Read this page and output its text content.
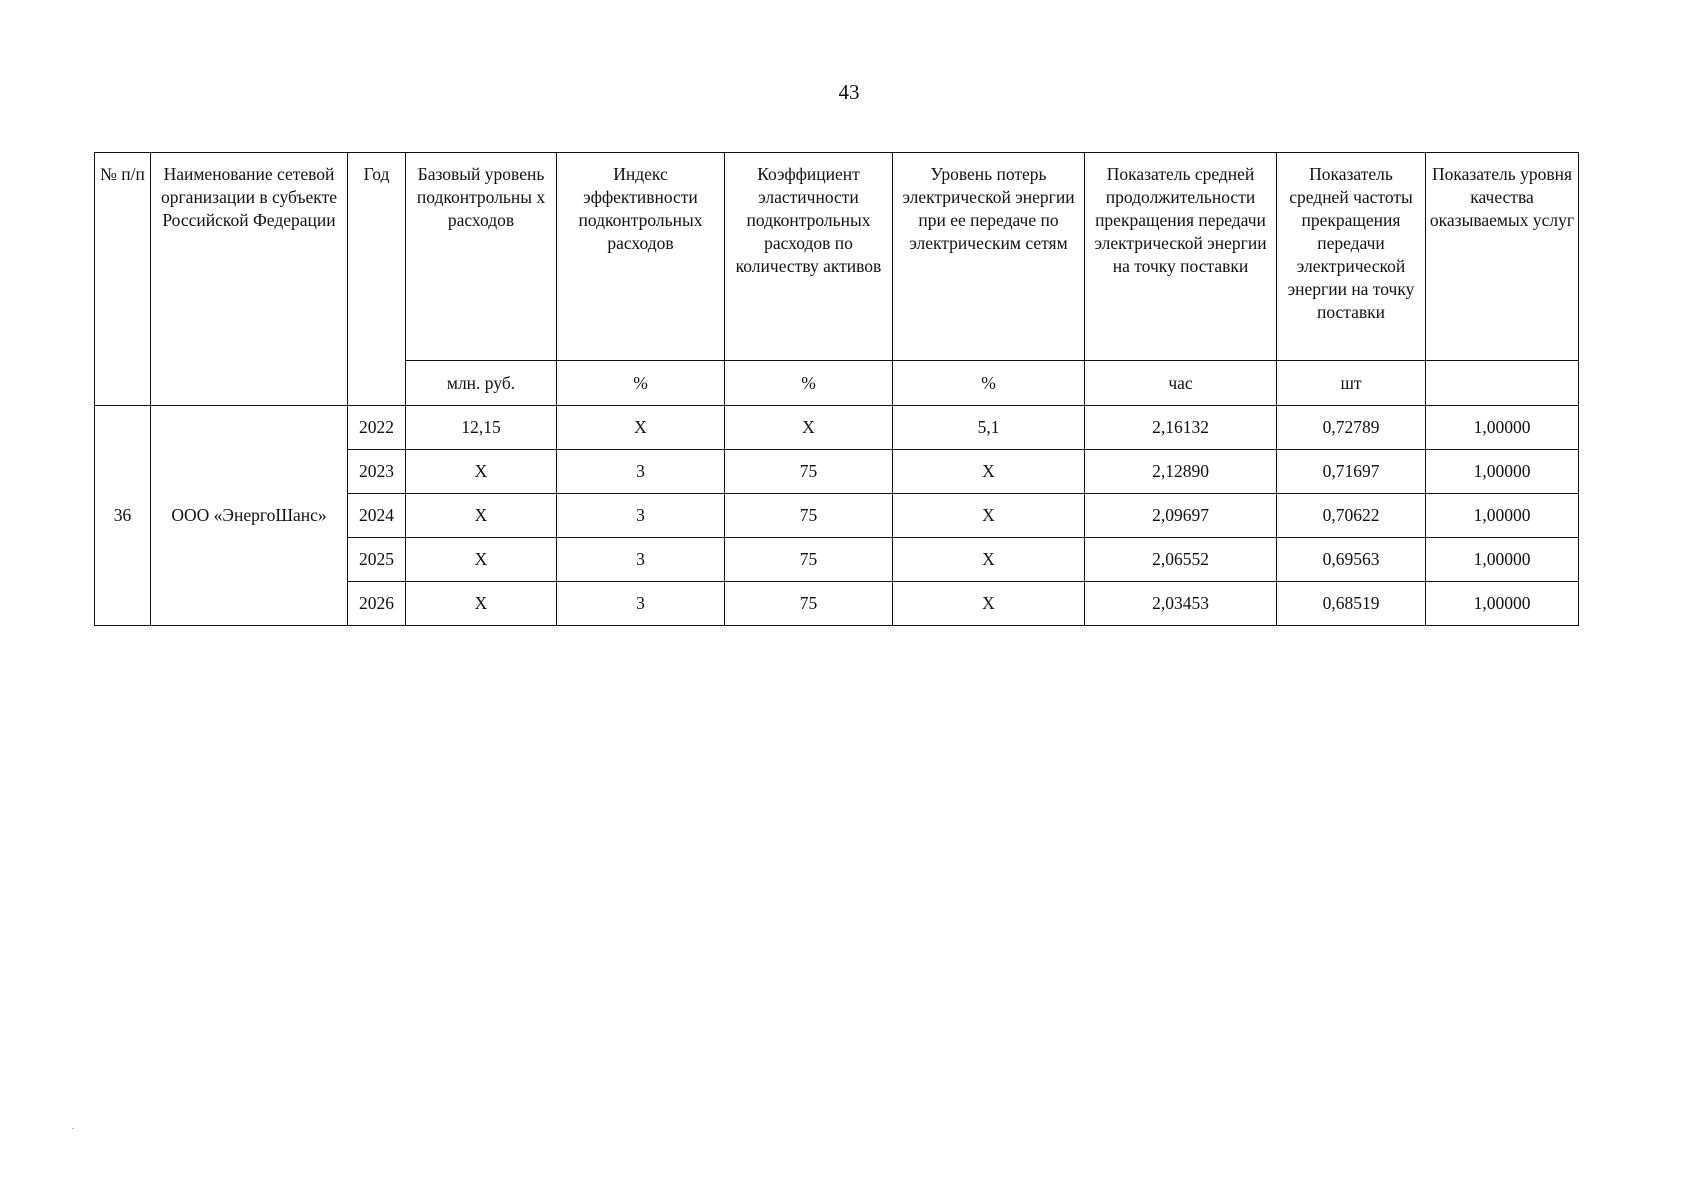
43
№ п/п	Наименование сетевой организации в субъекте Российской Федерации	Год	Базовый уровень подконтрольны х расходов	Индекс эффективности подконтрольных расходов	Коэффициент эластичности подконтрольных расходов по количеству активов	Уровень потерь электрической энергии при ее передаче по электрическим сетям	Показатель средней продолжительности прекращения передачи электрической энергии на точку поставки	Показатель средней частоты прекращения передачи электрической энергии на точку поставки	Показатель уровня качества оказываемых услуг
			млн. руб.	%	%	%	час	шт	
36	ООО «ЭнергоШанс»	2022	12,15	X	X	5,1	2,16132	0,72789	1,00000
		2023	X	3	75	X	2,12890	0,71697	1,00000
		2024	X	3	75	X	2,09697	0,70622	1,00000
		2025	X	3	75	X	2,06552	0,69563	1,00000
		2026	X	3	75	X	2,03453	0,68519	1,00000
